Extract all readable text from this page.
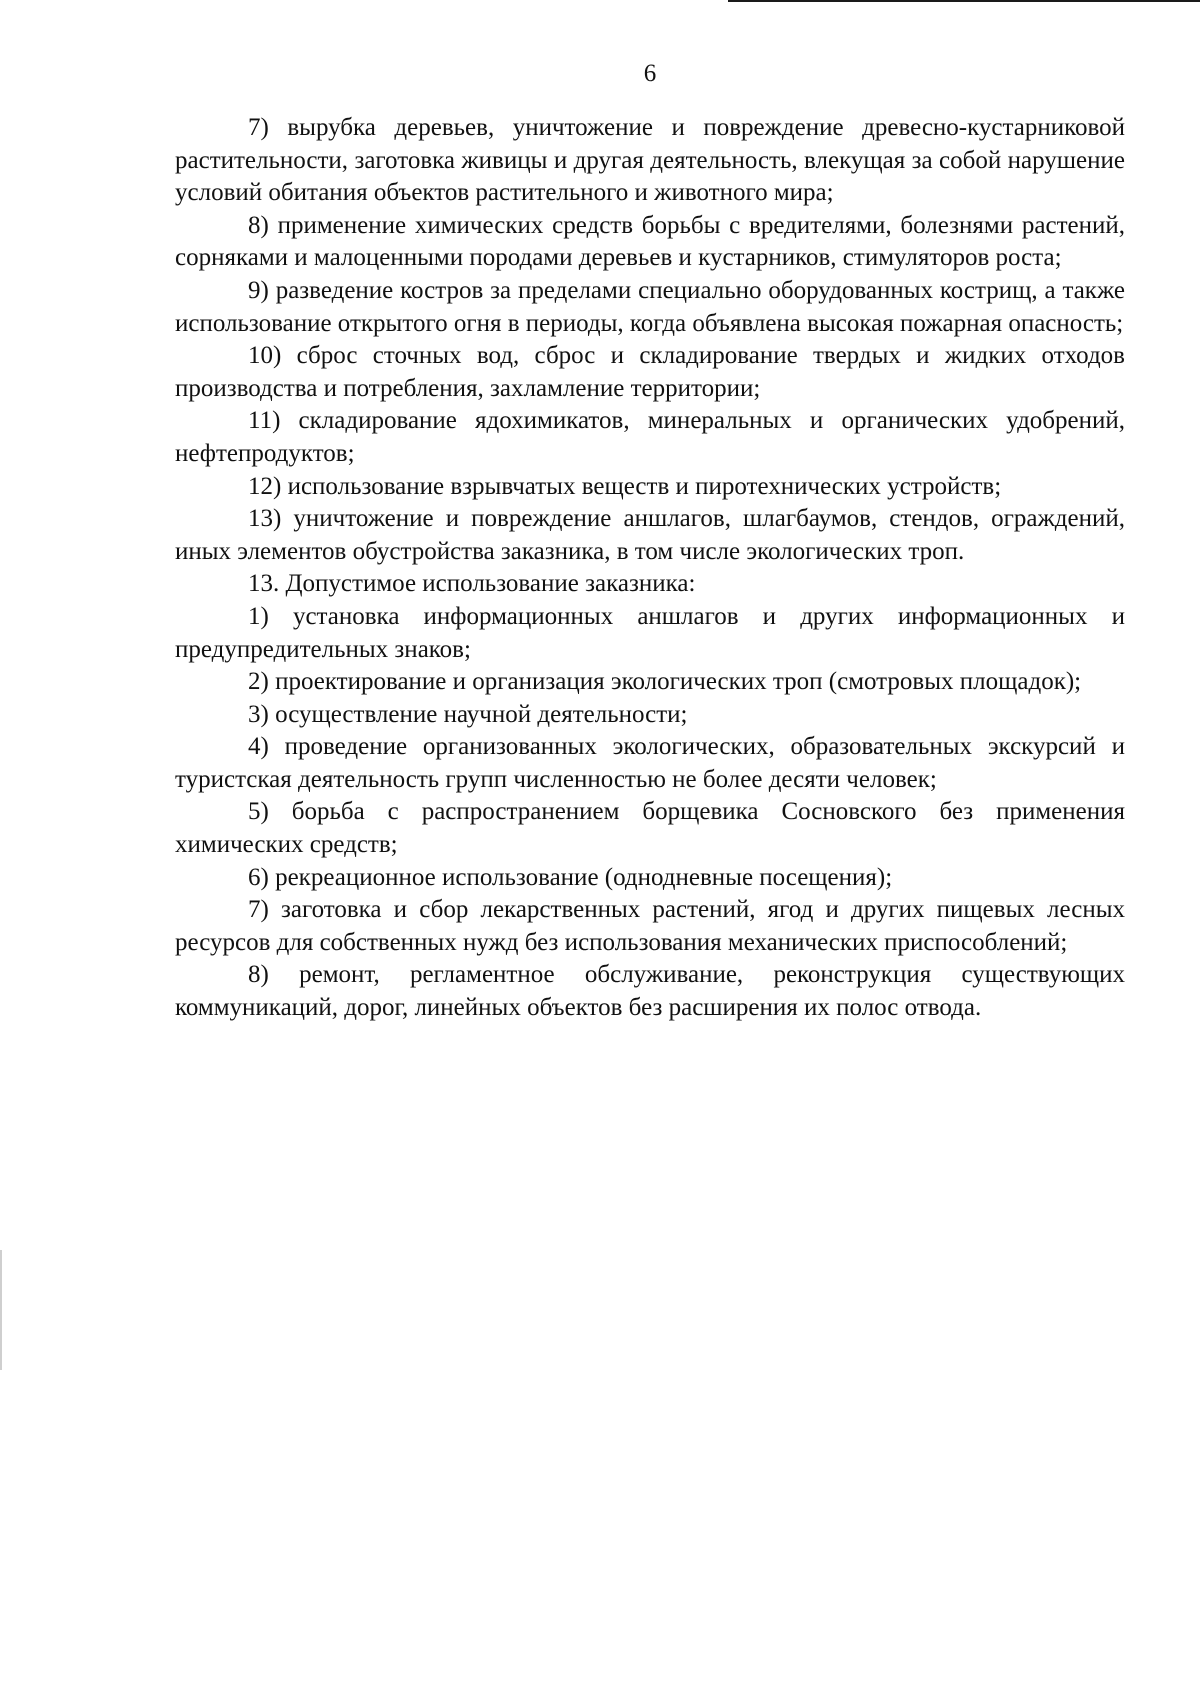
6

7) вырубка деревьев, уничтожение и повреждение древесно-кустарниковой растительности, заготовка живицы и другая деятельность, влекущая за собой нарушение условий обитания объектов растительного и животного мира;

8) применение химических средств борьбы с вредителями, болезнями растений, сорняками и малоценными породами деревьев и кустарников, стимуляторов роста;

9) разведение костров за пределами специально оборудованных кострищ, а также использование открытого огня в периоды, когда объявлена высокая пожарная опасность;

10) сброс сточных вод, сброс и складирование твердых и жидких отходов производства и потребления, захламление территории;

11) складирование ядохимикатов, минеральных и органических удобрений, нефтепродуктов;

12) использование взрывчатых веществ и пиротехнических устройств;

13) уничтожение и повреждение аншлагов, шлагбаумов, стендов, ограждений, иных элементов обустройства заказника, в том числе экологических троп.

13. Допустимое использование заказника:

1) установка информационных аншлагов и других информационных и предупредительных знаков;

2) проектирование и организация экологических троп (смотровых площадок);

3) осуществление научной деятельности;

4) проведение организованных экологических, образовательных экскурсий и туристская деятельность групп численностью не более десяти человек;

5) борьба с распространением борщевика Сосновского без применения химических средств;

6) рекреационное использование (однодневные посещения);

7) заготовка и сбор лекарственных растений, ягод и других пищевых лесных ресурсов для собственных нужд без использования механических приспособлений;

8) ремонт, регламентное обслуживание, реконструкция существующих коммуникаций, дорог, линейных объектов без расширения их полос отвода.
